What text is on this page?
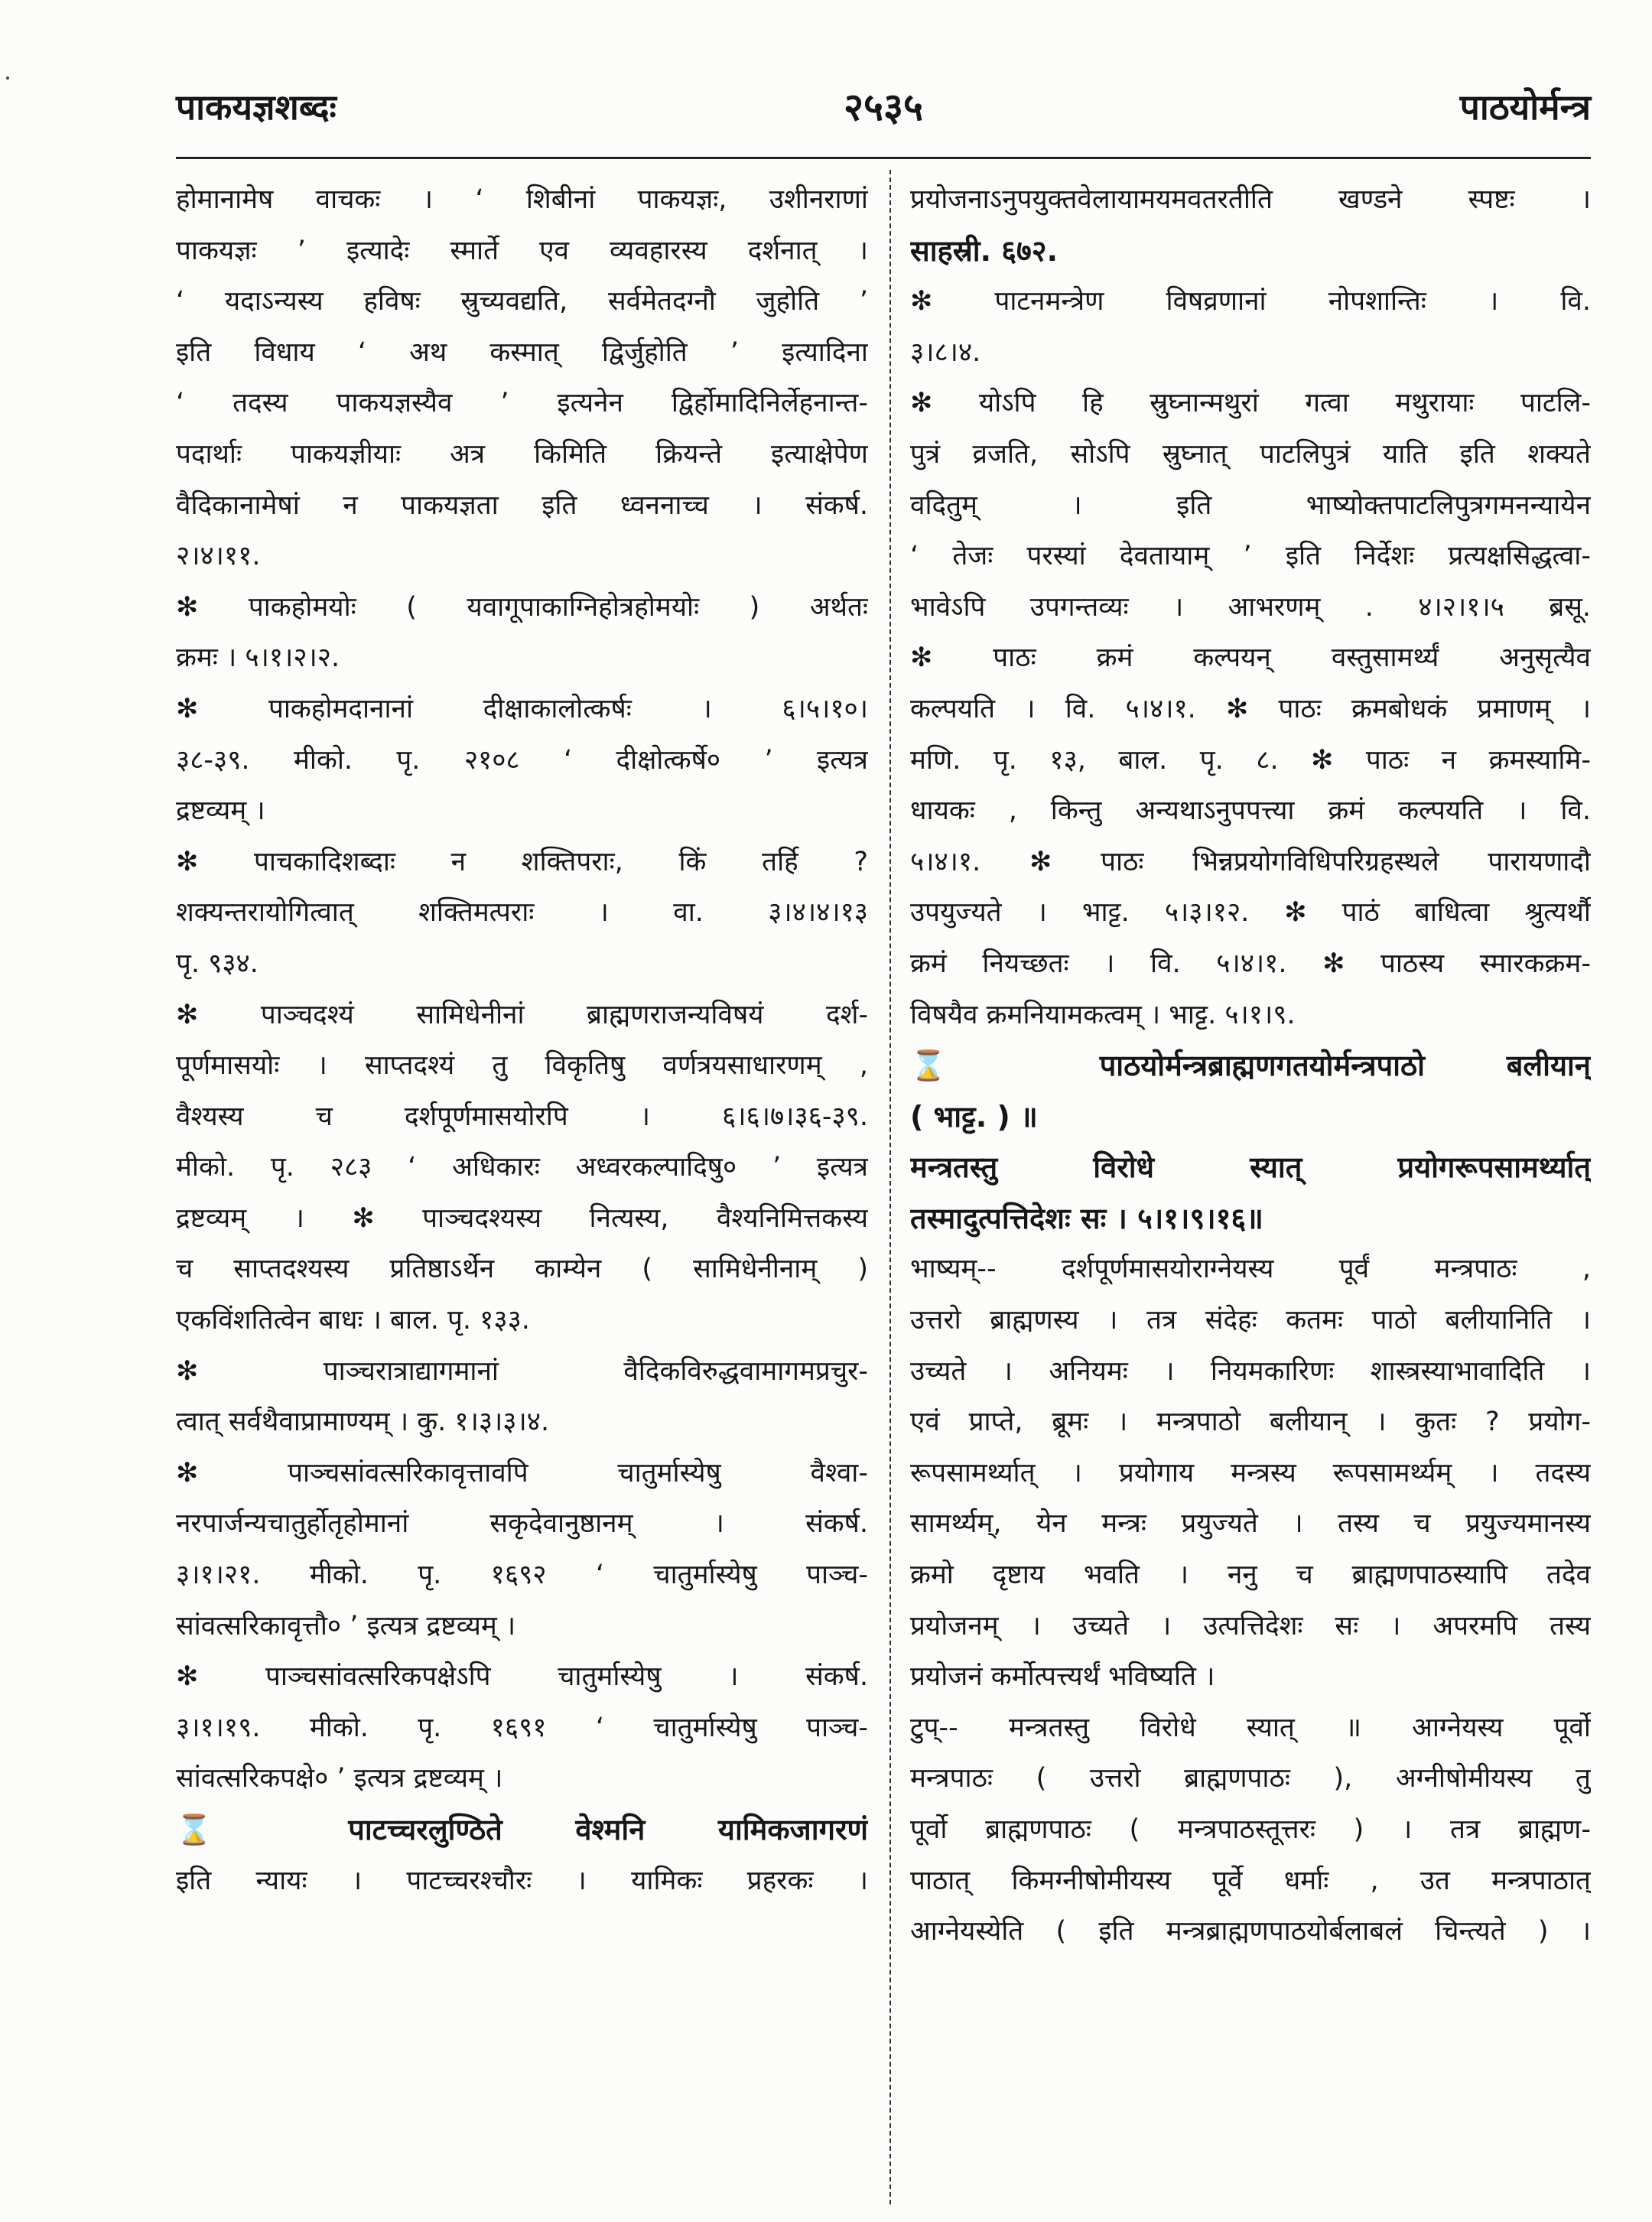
पाकयज्ञशब्दः	२५३५	पाठयोर्मन्त्र
होमानामेष वाचकः । ‘ शिबीनां पाकयज्ञः, उशीनराणां
पाकयज्ञः ’ इत्यादेः स्मार्ते एव व्यवहारस्य दर्शनात् ।
‘ यदाऽन्यस्य हविषः स्रुच्यवद्यति, सर्वमेतदग्नौ जुहोति ’
इति विधाय ‘ अथ कस्मात् द्विर्जुहोति ’ इत्यादिना
‘ तदस्य पाकयज्ञस्यैव ’ इत्यनेन द्विर्होमादिनिर्लेहनान्त-
पदार्थाः पाकयज्ञीयाः अत्र किमिति क्रियन्ते इत्याक्षेपेण
वैदिकानामेषां न पाकयज्ञता इति ध्वननाच्च । संकर्ष.
२।४।११.
✻ पाकहोमयोः ( यवागूपाकाग्निहोत्रहोमयोः ) अर्थतः
क्रमः । ५।१।२।२.
✻ पाकहोमदानानां दीक्षाकालोत्कर्षः । ६।५।१०।
३८-३९. मीको. पृ. २१०८ ‘ दीक्षोत्कर्षे० ’ इत्यत्र
द्रष्टव्यम् ।
✻ पाचकादिशब्दाः न शक्तिपराः, किं तर्हि ?
शक्यन्तरायोगित्वात् शक्तिमत्पराः । वा. ३।४।४।१३
पृ. ९३४.
✻ पाञ्चदश्यं सामिधेनीनां ब्राह्मणराजन्यविषयं दर्श-
पूर्णमासयोः । साप्तदश्यं तु विकृतिषु वर्णत्रयसाधारणम् ,
वैश्यस्य च दर्शपूर्णमासयोरपि । ६।६।७।३६-३९.
मीको. पृ. २८३ ‘ अधिकारः अध्वरकल्पादिषु० ’ इत्यत्र
द्रष्टव्यम् । ✻ पाञ्चदश्यस्य नित्यस्य, वैश्यनिमित्तकस्य
च साप्तदश्यस्य प्रतिष्ठाऽर्थेन काम्येन ( सामिधेनीनाम् )
एकविंशतित्वेन बाधः । बाल. पृ. १३३.
✻ पाञ्चरात्राद्यागमानां वैदिकविरुद्धवामागमप्रचुर-
त्वात् सर्वथैवाप्रामाण्यम् । कु. १।३।३।४.
✻ पाञ्चसांवत्सरिकावृत्तावपि चातुर्मास्येषु वैश्वा-
नरपार्जन्यचातुर्होतृहोमानां सकृदेवानुष्ठानम् । संकर्ष.
३।१।२१. मीको. पृ. १६९२ ‘ चातुर्मास्येषु पाञ्च-
सांवत्सरिकावृत्तौ० ’ इत्यत्र द्रष्टव्यम् ।
✻ पाञ्चसांवत्सरिकपक्षेऽपि चातुर्मास्येषु । संकर्ष.
३।१।१९. मीको. पृ. १६९१ ‘ चातुर्मास्येषु पाञ्च-
सांवत्सरिकपक्षे० ’ इत्यत्र द्रष्टव्यम् ।
⌛ पाटच्चरलुण्ठिते वेश्मनि यामिकजागरणं
इति न्यायः । पाटच्चरश्चौरः । यामिकः प्रहरकः ।
प्रयोजनाऽनुपयुक्तवेलायामयमवतरतीति खण्डने स्पष्टः ।
साहस्री. ६७२.
✻ पाटनमन्त्रेण विषव्रणानां नोपशान्तिः । वि.
३।८।४.
✻ योऽपि हि स्रुघ्नान्मथुरां गत्वा मथुरायाः पाटलि-
पुत्रं व्रजति, सोऽपि स्रुघ्नात् पाटलिपुत्रं याति इति शक्यते
वदितुम् । इति भाष्योक्तपाटलिपुत्रगमनन्यायेन
‘ तेजः परस्यां देवतायाम् ’ इति निर्देशः प्रत्यक्षसिद्धत्वा-
भावेऽपि उपगन्तव्यः । आभरणम् . ४।२।१।५ ब्रसू.
✻ पाठः क्रमं कल्पयन् वस्तुसामर्थ्यं अनुसृत्यैव
कल्पयति । वि. ५।४।१. ✻ पाठः क्रमबोधकं प्रमाणम् ।
मणि. पृ. १३, बाल. पृ. ८. ✻ पाठः न क्रमस्यामि-
धायकः , किन्तु अन्यथाऽनुपपत्त्या क्रमं कल्पयति । वि.
५।४।१. ✻ पाठः भिन्नप्रयोगविधिपरिग्रहस्थले पारायणादौ
उपयुज्यते । भाट्ट. ५।३।१२. ✻ पाठं बाधित्वा श्रुत्यर्थौ
क्रमं नियच्छतः । वि. ५।४।१. ✻ पाठस्य स्मारकक्रम-
विषयैव क्रमनियामकत्वम् । भाट्ट. ५।१।९.
⌛ पाठयोर्मन्त्रब्राह्मणगतयोर्मन्त्रपाठो बलीयान्
( भाट्ट. ) ॥
मन्त्रतस्तु विरोधे स्यात् प्रयोगरूपसामर्थ्यात्
तस्मादुत्पत्तिदेशः सः । ५।१।९।१६॥
भाष्यम्-- दर्शपूर्णमासयोराग्नेयस्य पूर्वं मन्त्रपाठः ,
उत्तरो ब्राह्मणस्य । तत्र संदेहः कतमः पाठो बलीयानिति ।
उच्यते । अनियमः । नियमकारिणः शास्त्रस्याभावादिति ।
एवं प्राप्ते, ब्रूमः । मन्त्रपाठो बलीयान् । कुतः ? प्रयोग-
रूपसामर्थ्यात् । प्रयोगाय मन्त्रस्य रूपसामर्थ्यम् । तदस्य
सामर्थ्यम्, येन मन्त्रः प्रयुज्यते । तस्य च प्रयुज्यमानस्य
क्रमो दृष्टाय भवति । ननु च ब्राह्मणपाठस्यापि तदेव
प्रयोजनम् । उच्यते । उत्पत्तिदेशः सः । अपरमपि तस्य
प्रयोजनं कर्मोत्पत्त्यर्थं भविष्यति ।
टुप्-- मन्त्रतस्तु विरोधे स्यात् ॥ आग्नेयस्य पूर्वो
मन्त्रपाठः ( उत्तरो ब्राह्मणपाठः ), अग्नीषोमीयस्य तु
पूर्वो ब्राह्मणपाठः ( मन्त्रपाठस्तूत्तरः ) । तत्र ब्राह्मण-
पाठात् किमग्नीषोमीयस्य पूर्वे धर्माः , उत मन्त्रपाठात्
आग्नेयस्येति ( इति मन्त्रब्राह्मणपाठयोर्बलाबलं चिन्त्यते ) ।
